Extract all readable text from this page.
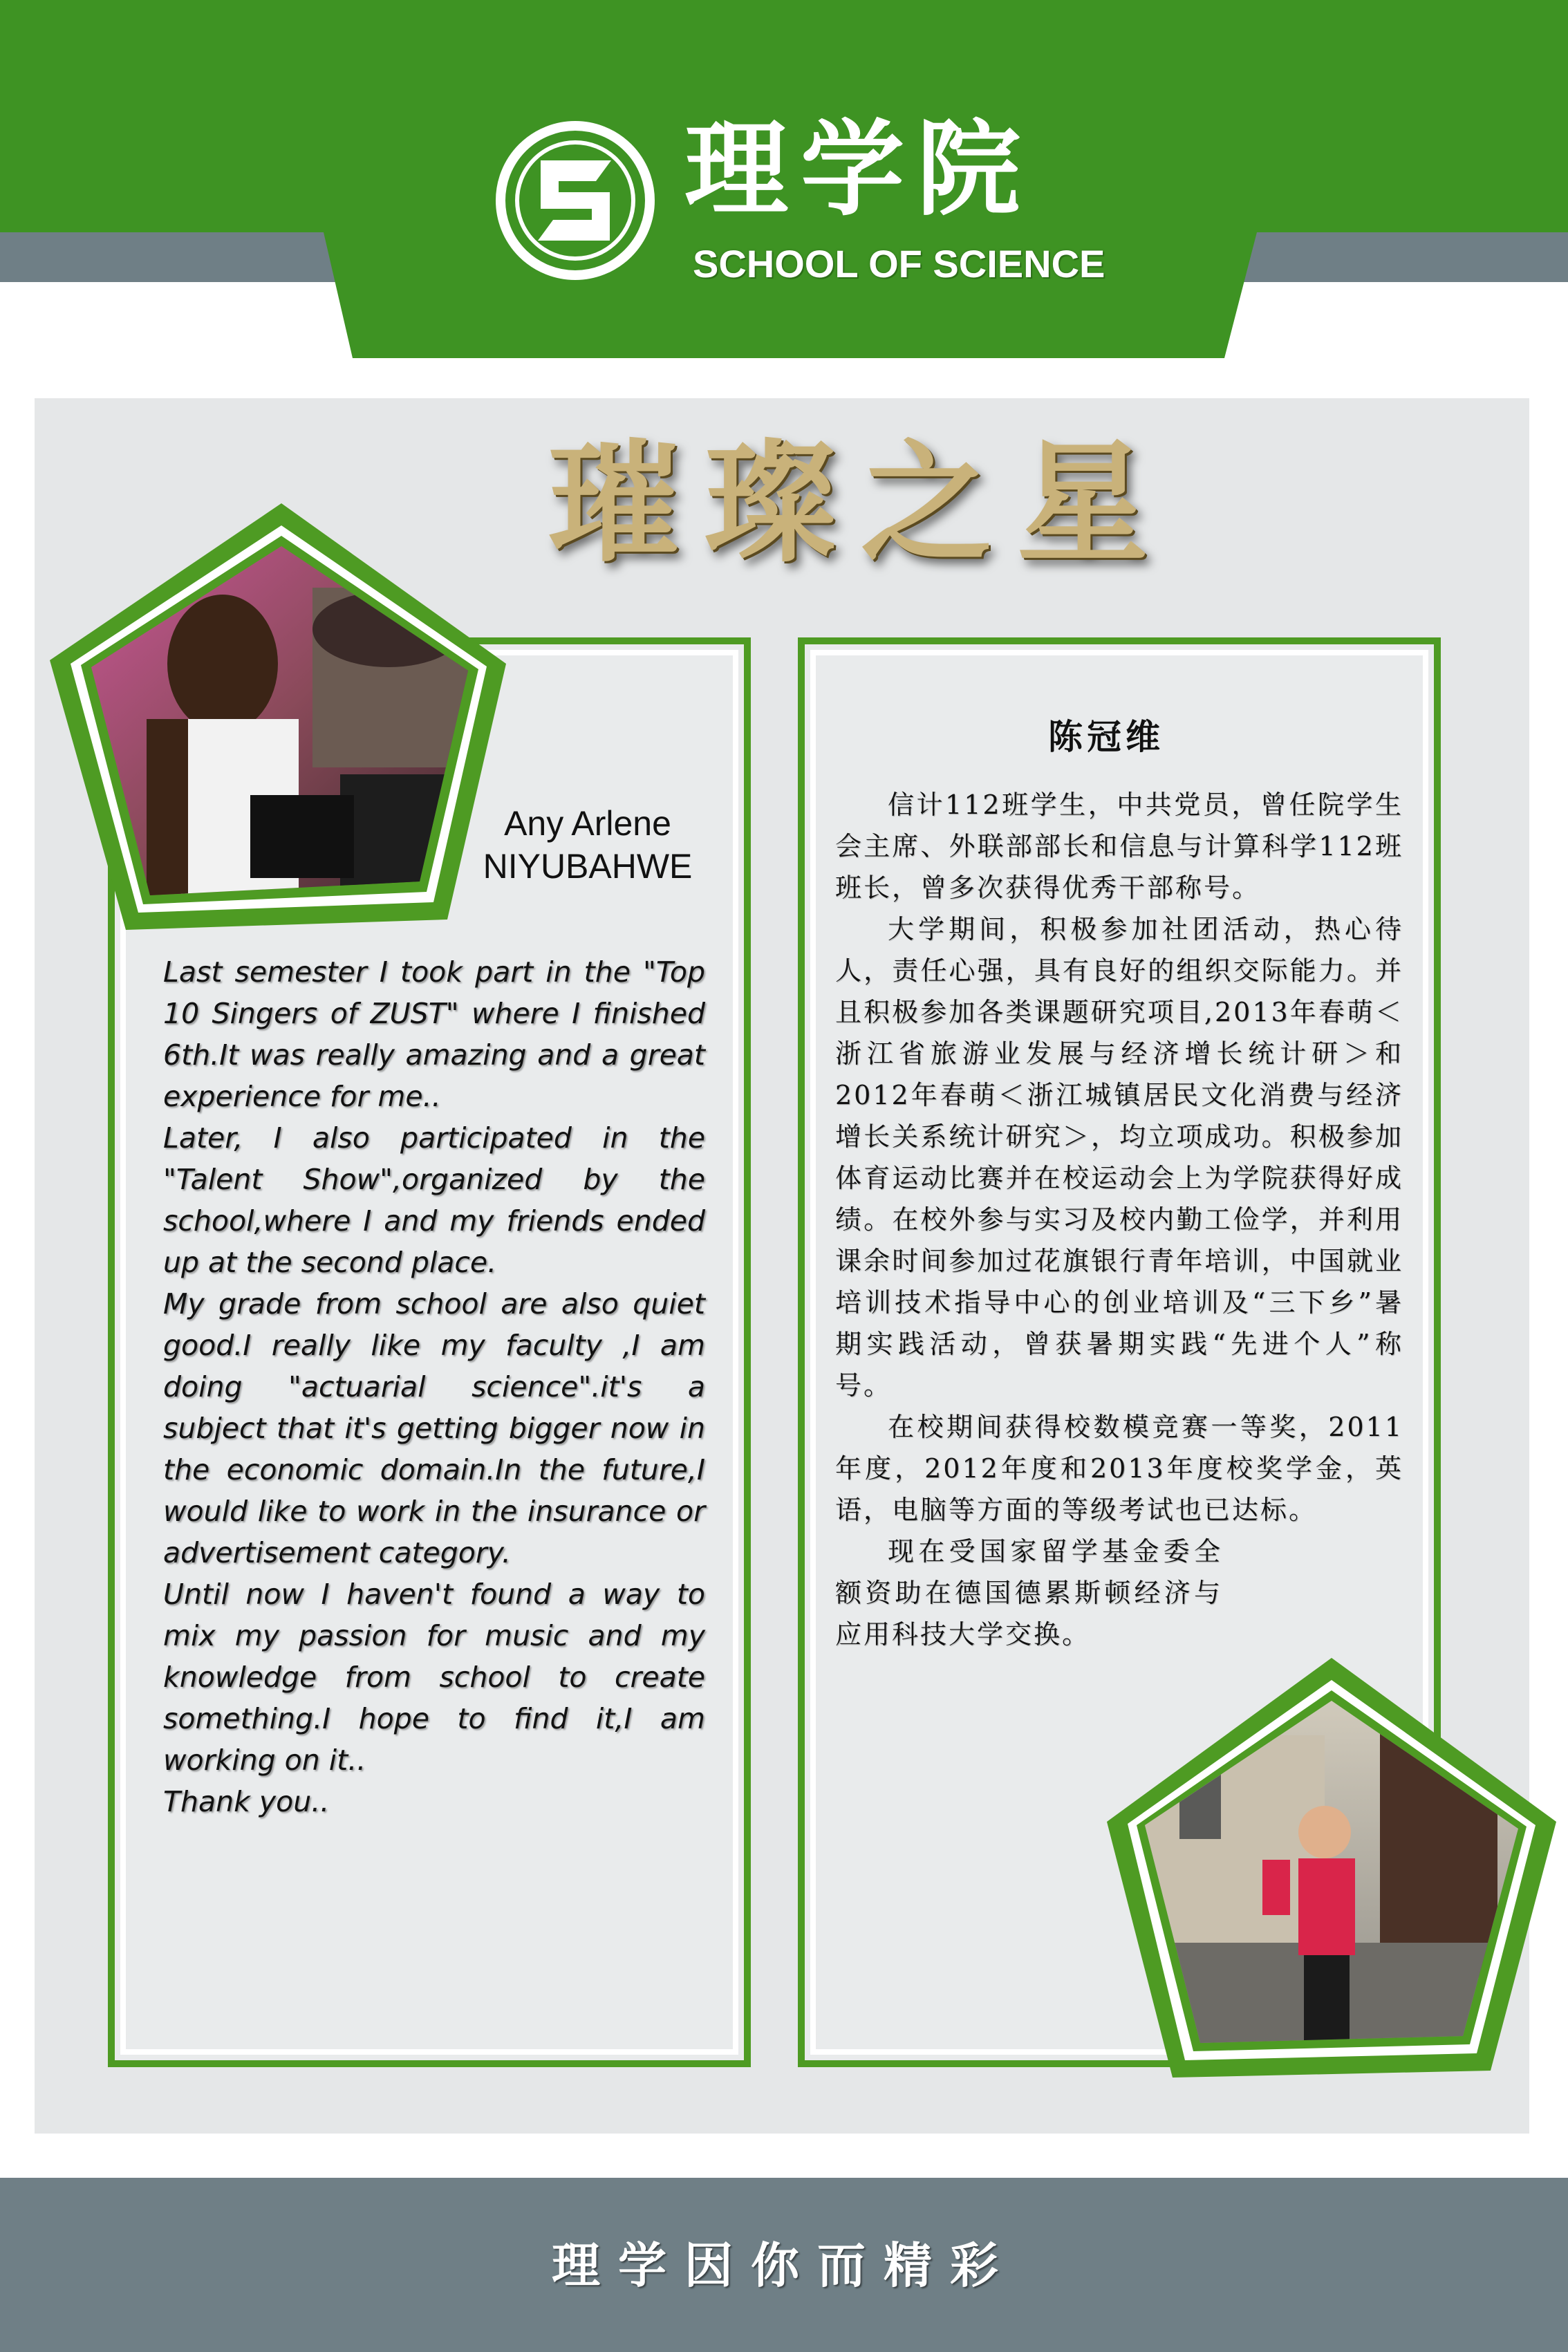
理学院
SCHOOL OF SCIENCE
璀璨之星
Any Arlene
NIYUBAHWE

Last semester I took part in the "Top 10 Singers of ZUST" where I finished 6th.It was really amazing and a great experience for me..

Later, I also participated in the "Talent Show",organized by the school,where I and my friends ended up at the second place.

My grade from school are also quiet good.I really like my faculty ,I am doing "actuarial science".it's a subject that it's getting bigger now in the economic domain.In the future,I would like to work in the insurance or advertisement category.

Until now I haven't found a way to mix my passion for music and my knowledge from school to create something.I hope to find it,I am working on it..

Thank you..

陈冠维

信计112班学生，中共党员，曾任院学生会主席、外联部部长和信息与计算科学112班班长，曾多次获得优秀干部称号。

大学期间，积极参加社团活动，热心待人，责任心强，具有良好的组织交际能力。并且积极参加各类课题研究项目,2013年春萌＜浙江省旅游业发展与经济增长统计研＞和2012年春萌＜浙江城镇居民文化消费与经济增长关系统计研究＞，均立项成功。积极参加体育运动比赛并在校运动会上为学院获得好成绩。在校外参与实习及校内勤工俭学，并利用课余时间参加过花旗银行青年培训，中国就业培训技术指导中心的创业培训及“三下乡”暑期实践活动，曾获暑期实践“先进个人”称号。

在校期间获得校数模竞赛一等奖，2011年度，2012年度和2013年度校奖学金，英语，电脑等方面的等级考试也已达标。

现在受国家留学基金委全额资助在德国德累斯顿经济与应用科技大学交换。

理学因你而精彩
